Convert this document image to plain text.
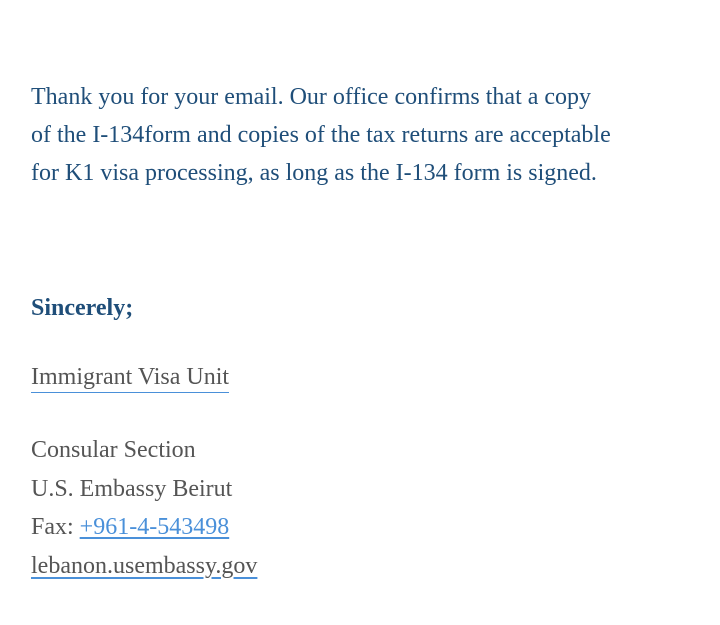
Thank you for your email. Our office confirms that a copy
of the I-134form and copies of the tax returns are acceptable
for K1 visa processing, as long as the I-134 form is signed.

Sincerely;

Immigrant Visa Unit
Consular Section
U.S. Embassy Beirut
Fax: +961-4-543498
lebanon.usembassy.gov
